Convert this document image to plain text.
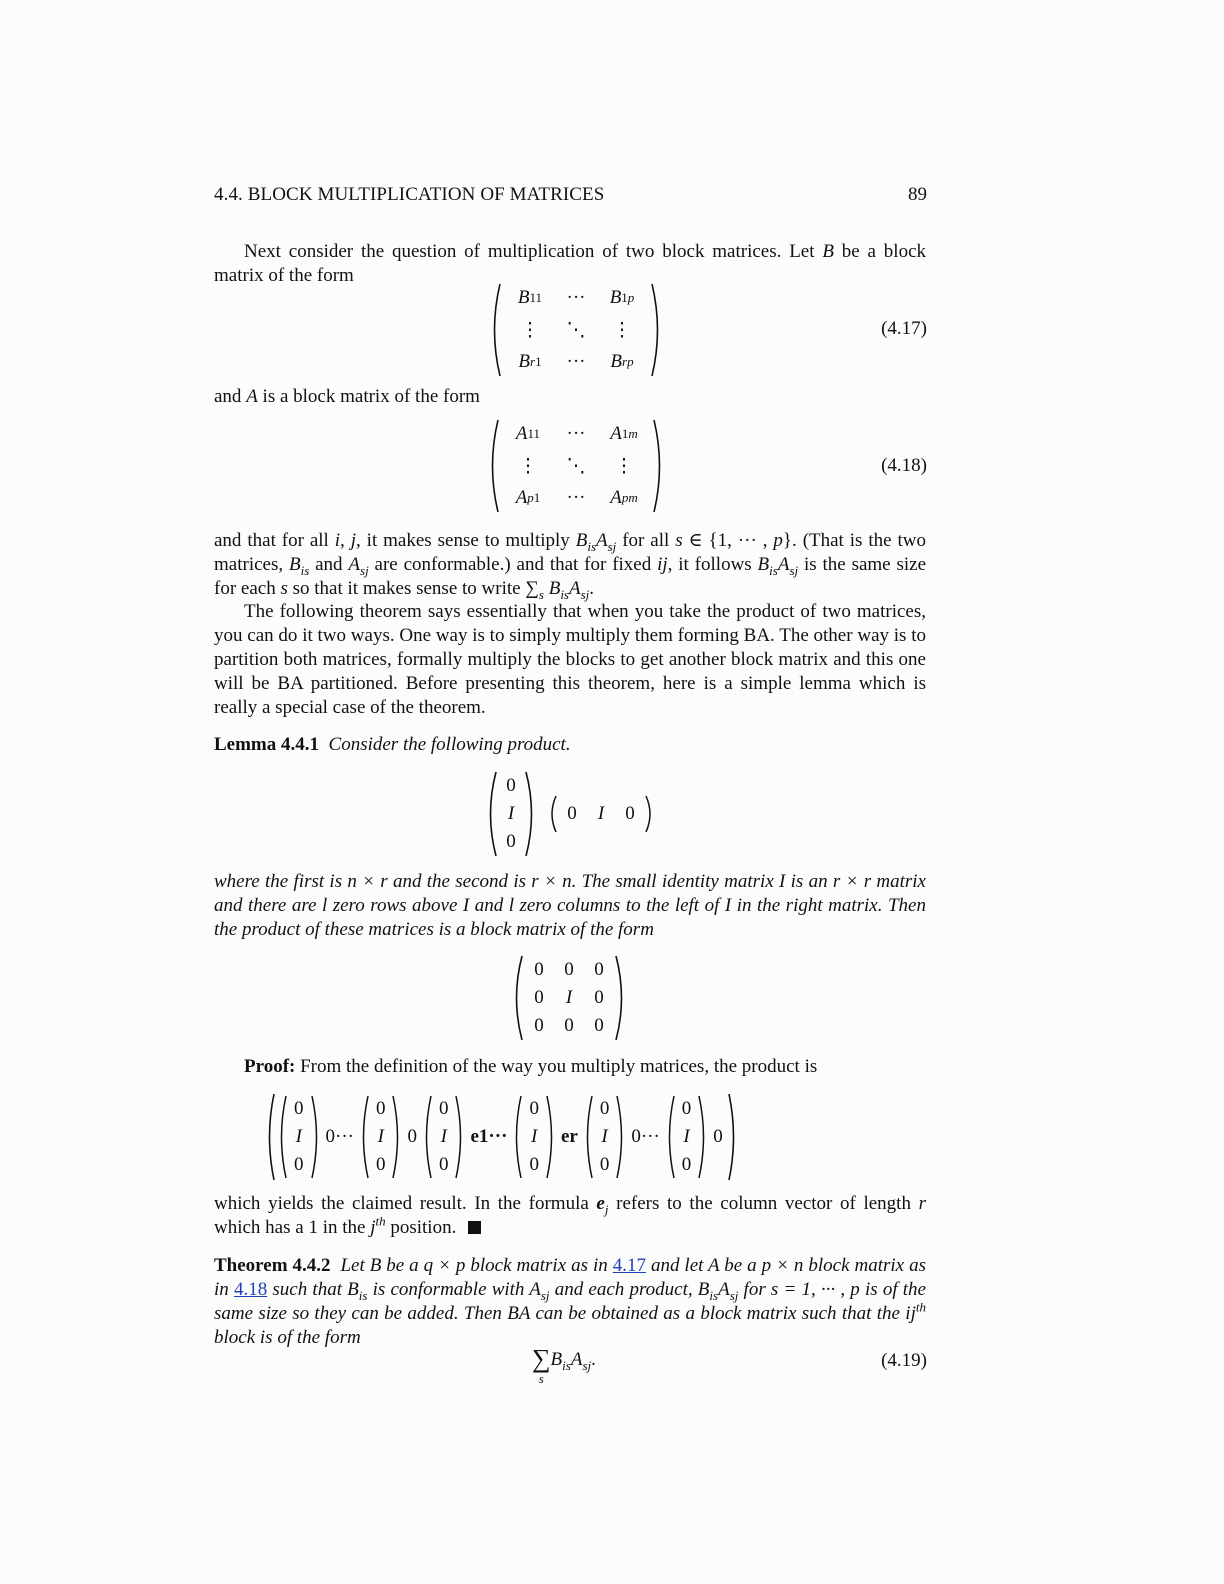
4.4. BLOCK MULTIPLICATION OF MATRICES	89
Next consider the question of multiplication of two block matrices. Let B be a block matrix of the form
B 11	···	B 1p
⋮	⋱	⋮
B r1	···	B rp
(4.17)
and A is a block matrix of the form
A 11	···	A 1m
⋮	⋱	⋮
A p1	···	A pm
(4.18)
and that for all i, j, it makes sense to multiply $B_{is}A_{sj}$ for all s ∈ {1, ··· , p}. (That is the two matrices, $B_{is}$ and $A_{sj}$ are conformable.) and that for fixed ij, it follows $B_{is}A_{sj}$ is the same size for each s so that it makes sense to write $\sum_s$ $B_{is}A_{sj}$.
The following theorem says essentially that when you take the product of two matrices, you can do it two ways. One way is to simply multiply them forming BA. The other way is to partition both matrices, formally multiply the blocks to get another block matrix and this one will be BA partitioned. Before presenting this theorem, here is a simple lemma which is really a special case of the theorem.
Lemma 4.4.1 Consider the following product.
0
I
0
0	I	0
where the first is n × r and the second is r × n. The small identity matrix I is an r × r matrix and there are l zero rows above I and l zero columns to the left of I in the right matrix. Then the product of these matrices is a block matrix of the form
0	0	0
0	I	0
0	0	0
Proof: From the definition of the way you multiply matrices, the product is
0
I
0
0···
0
I
0
0
0
I
0
e1···
0
I
0
er
0
I
0
0···
0
I
0
0
which yields the claimed result. In the formula $e_j$ refers to the column vector of length r which has a 1 in the $j^{th}$ position.
Theorem 4.4.2  Let B be a q × p block matrix as in 4.17 and let A be a p × n block matrix as in 4.18 such that $B_{is}$ is conformable with $A_{sj}$ and each product, $B_{is}A_{sj}$ for s = 1, ··· , p is of the same size so they can be added. Then BA can be obtained as a block matrix such that the $ij^{th}$ block is of the form
∑
s
$B_{is}A_{sj}$.	(4.19)
